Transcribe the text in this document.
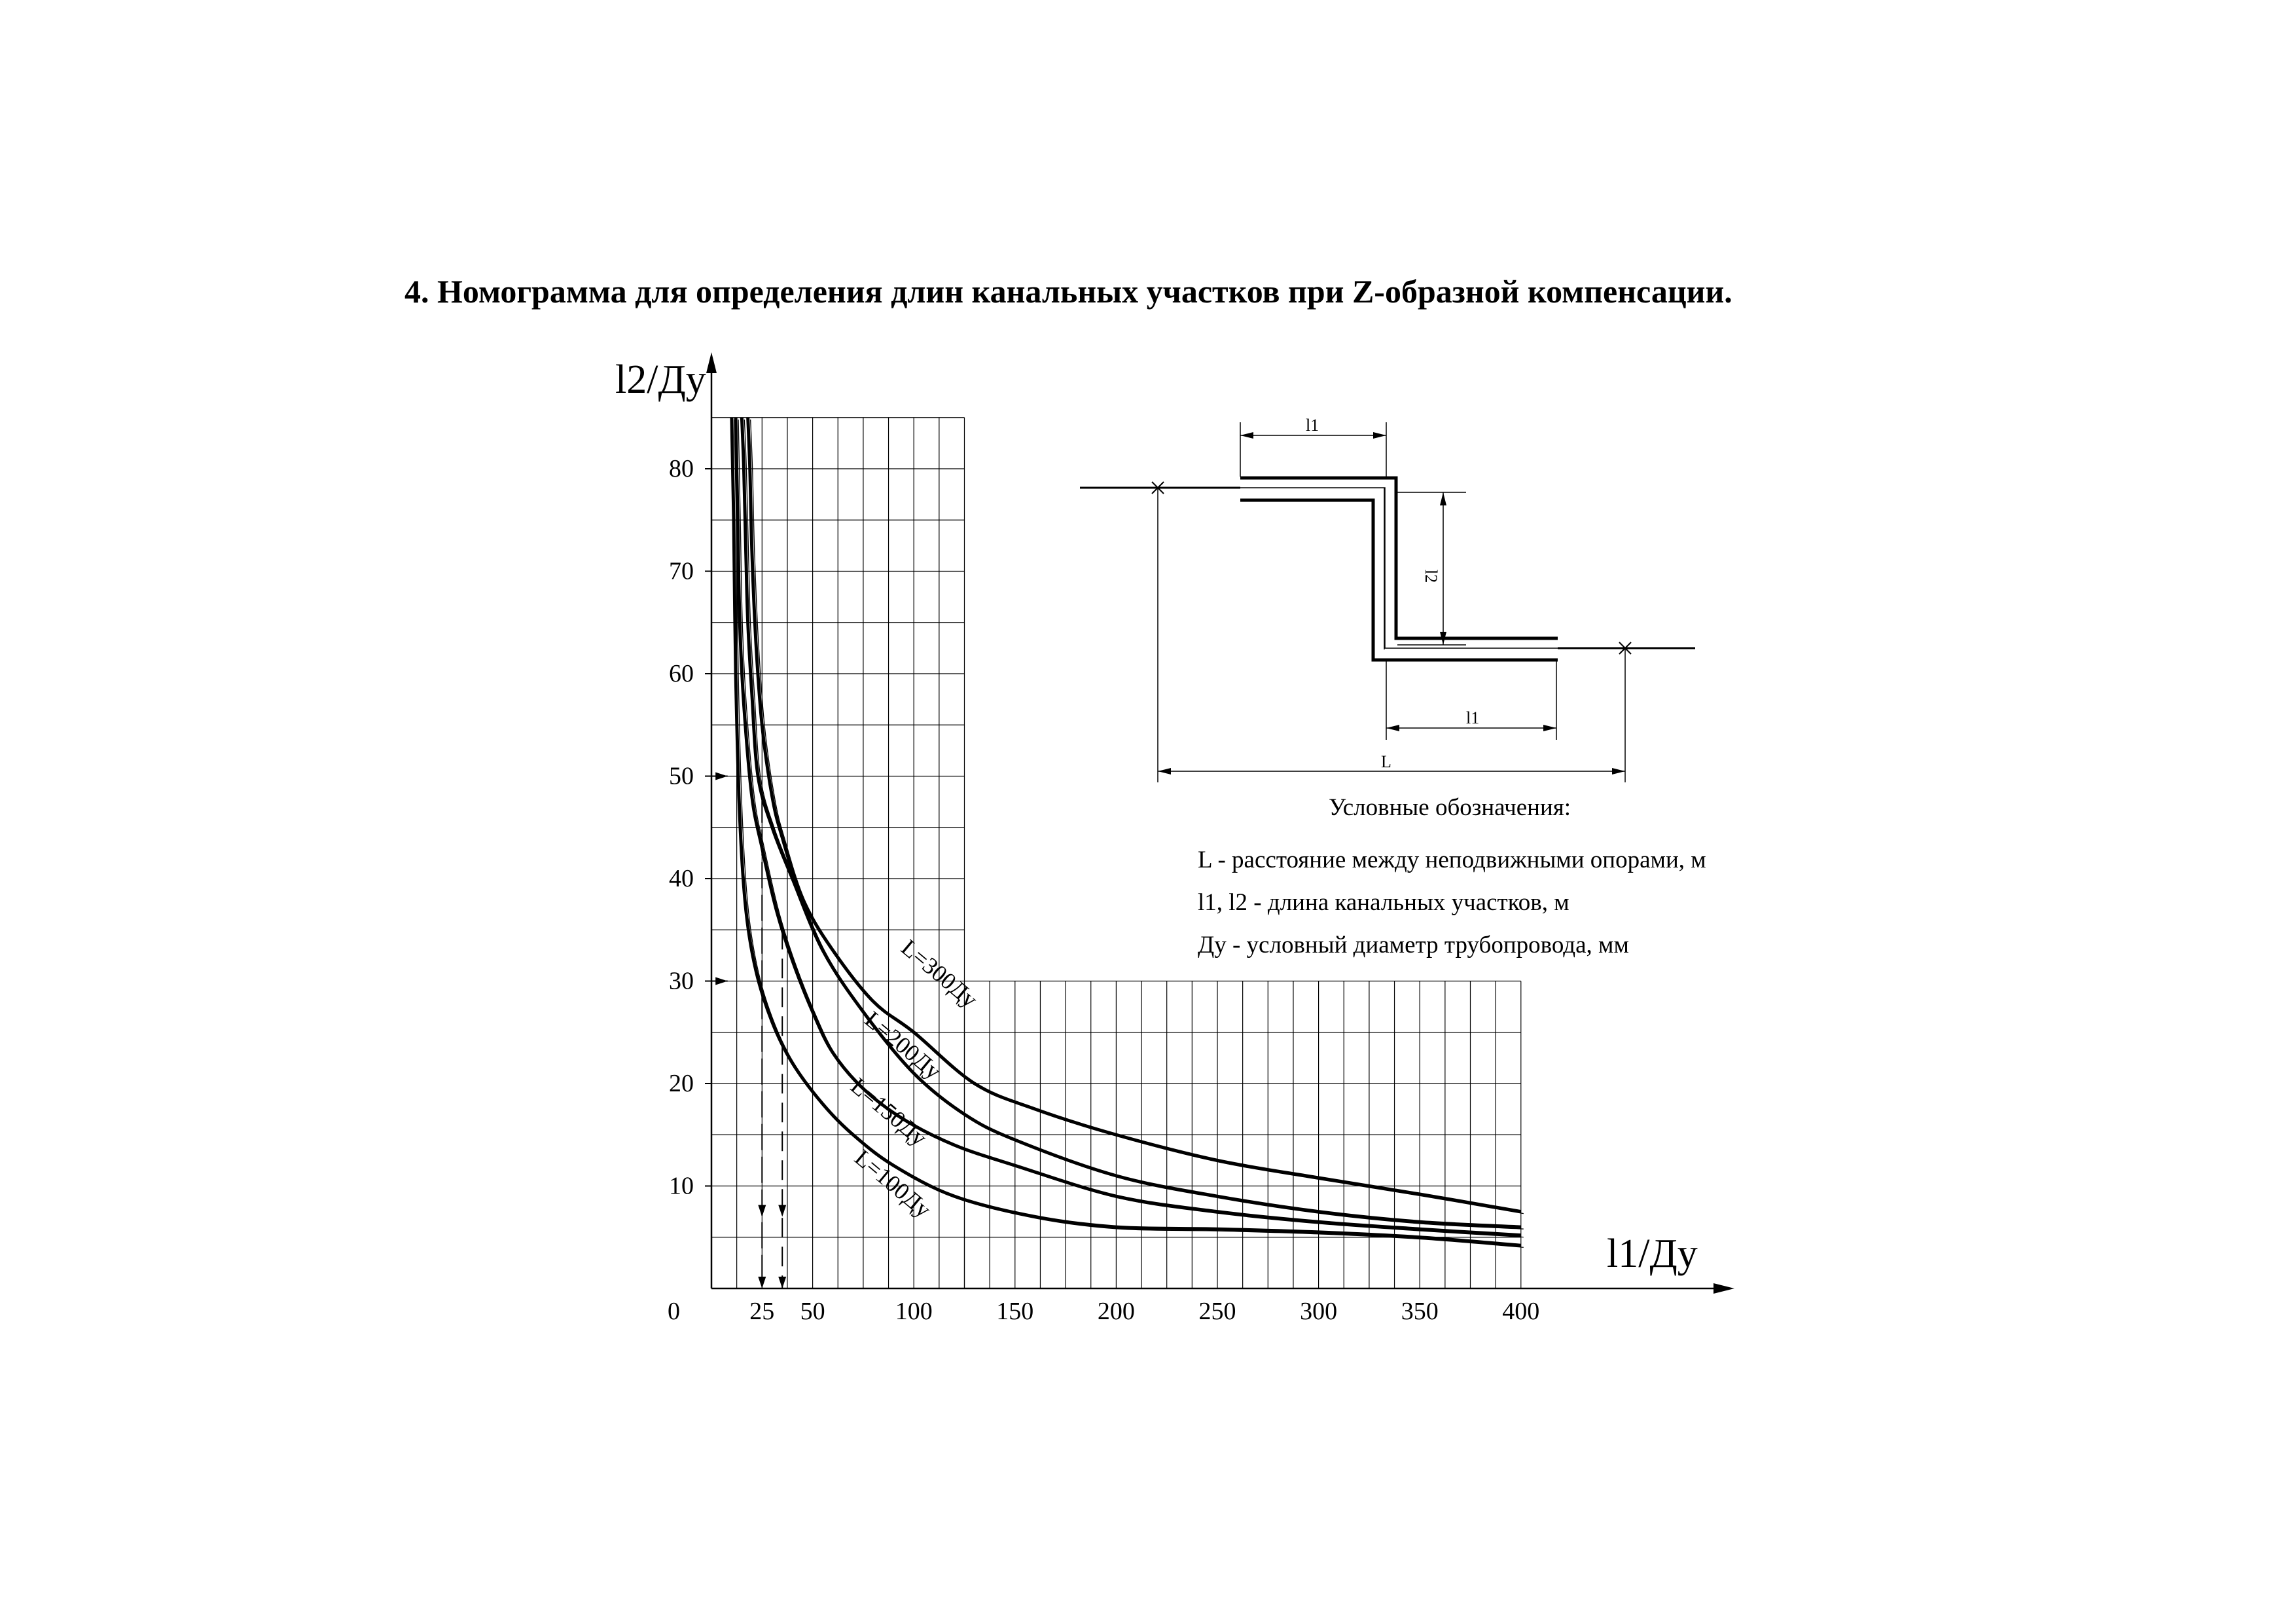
4. Номограмма для определения длин канальных участков при Z-образной компенсации.
L=100Ду
L=150Ду
L=200Ду
L=300Ду
25 50	100	150	200	250	300	350	400
10
20
30
40
50
60
70
80
l2/Ду
l1/Ду
0
l1
l2
l1
L
Условные обозначения:
L - расстояние между неподвижными опорами, м
l1, l2 - длина канальных участков, м
Ду - условный диаметр трубопровода, мм
